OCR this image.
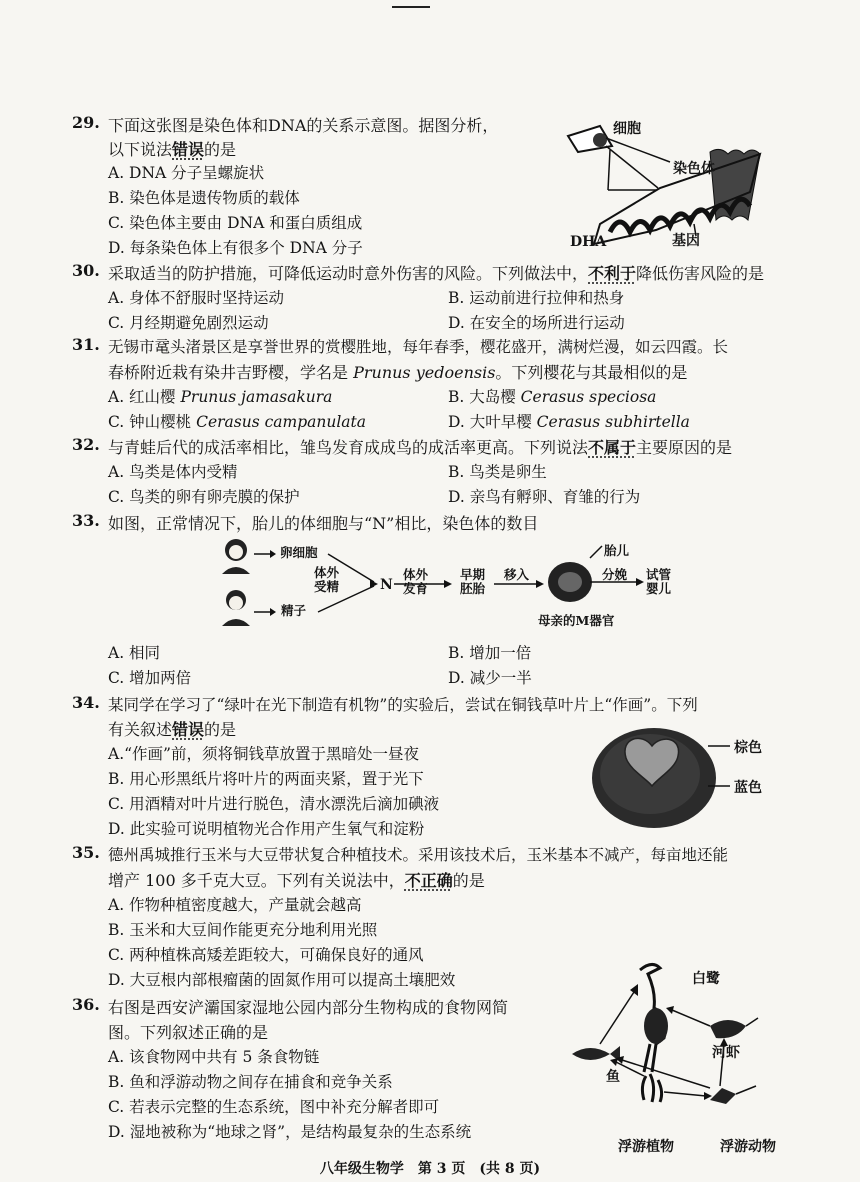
29. 下面这张图是染色体和DNA的关系示意图。据图分析，
以下说法错误的是
A. DNA 分子呈螺旋状
B. 染色体是遗传物质的载体
C. 染色体主要由 DNA 和蛋白质组成
D. 每条染色体上有很多个 DNA 分子
细胞
染色体
DHA	基因
30. 采取适当的防护措施，可降低运动时意外伤害的风险。下列做法中，不利于降低伤害风险的是
A. 身体不舒服时坚持运动	B. 运动前进行拉伸和热身
C. 月经期避免剧烈运动	D. 在安全的场所进行运动
31. 无锡市鼋头渚景区是享誉世界的赏樱胜地，每年春季，樱花盛开，满树烂漫，如云四霞。长
春桥附近栽有染井吉野樱，学名是 Prunus yedoensis。下列樱花与其最相似的是
A. 红山樱 Prunus jamasakura	B. 大岛樱 Cerasus speciosa
C. 钟山樱桃 Cerasus campanulata	D. 大叶早樱 Cerasus subhirtella
32. 与青蛙后代的成活率相比，雏鸟发育成成鸟的成活率更高。下列说法不属于主要原因的是
A. 鸟类是体内受精	B. 鸟类是卵生
C. 鸟类的卵有卵壳膜的保护	D. 亲鸟有孵卵、育雏的行为
33. 如图，正常情况下，胎儿的体细胞与“N”相比，染色体的数目
卵细胞
精子
体外
受精	N
体外
发育
早期
胚胎
移入
胎儿
分娩 试管
婴儿
母亲的M器官
A. 相同	B. 增加一倍
C. 增加两倍	D. 减少一半
34. 某同学在学习了“绿叶在光下制造有机物”的实验后，尝试在铜钱草叶片上“作画”。下列
有关叙述错误的是
A.“作画”前，须将铜钱草放置于黑暗处一昼夜
B. 用心形黑纸片将叶片的两面夹紧，置于光下
C. 用酒精对叶片进行脱色，清水漂洗后滴加碘液
D. 此实验可说明植物光合作用产生氧气和淀粉
棕色
蓝色
35. 德州禹城推行玉米与大豆带状复合种植技术。采用该技术后，玉米基本不减产，每亩地还能
增产 100 多千克大豆。下列有关说法中，不正确的是
A. 作物种植密度越大，产量就会越高
B. 玉米和大豆间作能更充分地利用光照
C. 两种植株高矮差距较大，可确保良好的通风
D. 大豆根内部根瘤菌的固氮作用可以提高土壤肥效
36. 右图是西安浐灞国家湿地公园内部分生物构成的食物网简
图。下列叙述正确的是
A. 该食物网中共有 5 条食物链
B. 鱼和浮游动物之间存在捕食和竞争关系
C. 若表示完整的生态系统，图中补充分解者即可
D. 湿地被称为“地球之肾”，是结构最复杂的生态系统
白鹭
河虾
鱼
浮游植物	浮游动物
八年级生物学　第 3 页　(共 8 页)
